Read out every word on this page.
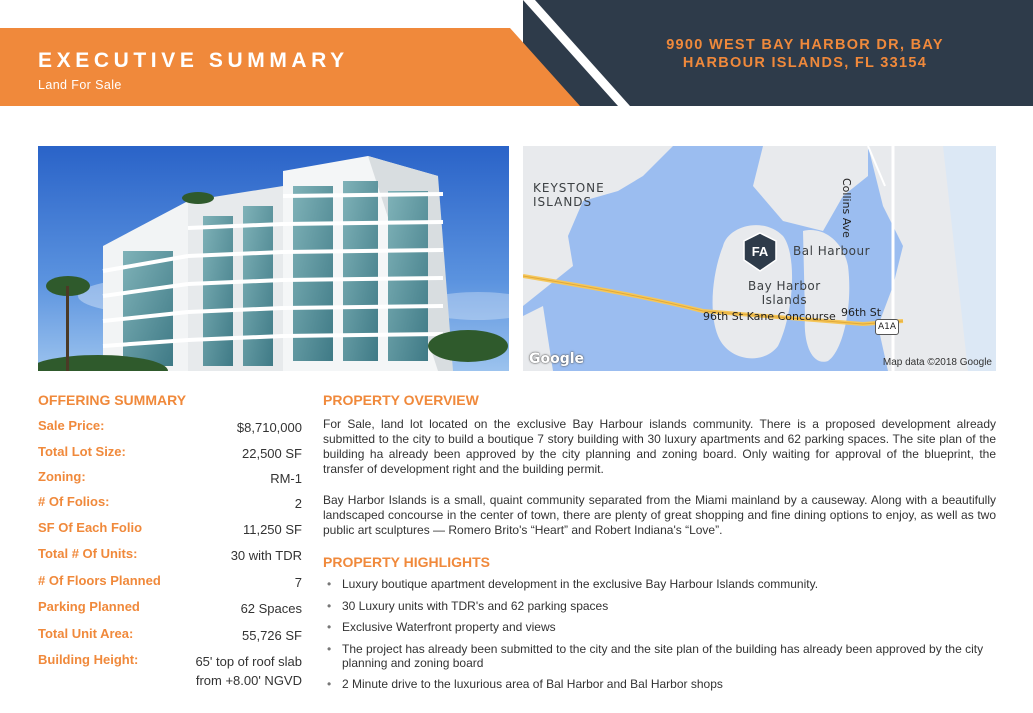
EXECUTIVE SUMMARY
Land For Sale
9900 WEST BAY HARBOR DR, BAY
HARBOUR ISLANDS, FL 33154
KEYSTONE
ISLANDS
Bal Harbour
Bay Harbor
Islands
96th St Kane Concourse 96th St
Collins Ave
A1A
Google	Map data ©2018 Google
FA
OFFERING SUMMARY
Sale Price:	$8,710,000
Total Lot Size:	22,500 SF
Zoning:	RM-1
# Of Folios:	2
SF Of Each Folio	11,250 SF
Total # Of Units:	30 with TDR
# Of Floors Planned	7
Parking Planned	62 Spaces
Total Unit Area:	55,726 SF
Building Height:	65' top of roof slab
from +8.00' NGVD
PROPERTY OVERVIEW
For Sale, land lot located on the exclusive Bay Harbour islands community. There is a proposed development already submitted to the city to build a boutique 7 story building with 30 luxury apartments and 62 parking spaces. The site plan of the building ha already been approved by the city planning and zoning board. Only waiting for approval of the blueprint, the transfer of development right and the building permit.
Bay Harbor Islands is a small, quaint community separated from the Miami mainland by a causeway. Along with a beautifully landscaped concourse in the center of town, there are plenty of great shopping and fine dining options to enjoy, as well as two public art sculptures — Romero Brito's “Heart” and Robert Indiana's “Love”.
PROPERTY HIGHLIGHTS
• Luxury boutique apartment development in the exclusive Bay Harbour Islands community.
• 30 Luxury units with TDR's and 62 parking spaces
• Exclusive Waterfront property and views
• The project has already been submitted to the city and the site plan of the building has already been approved by the city planning and zoning board
• 2 Minute drive to the luxurious area of Bal Harbor and Bal Harbor shops
